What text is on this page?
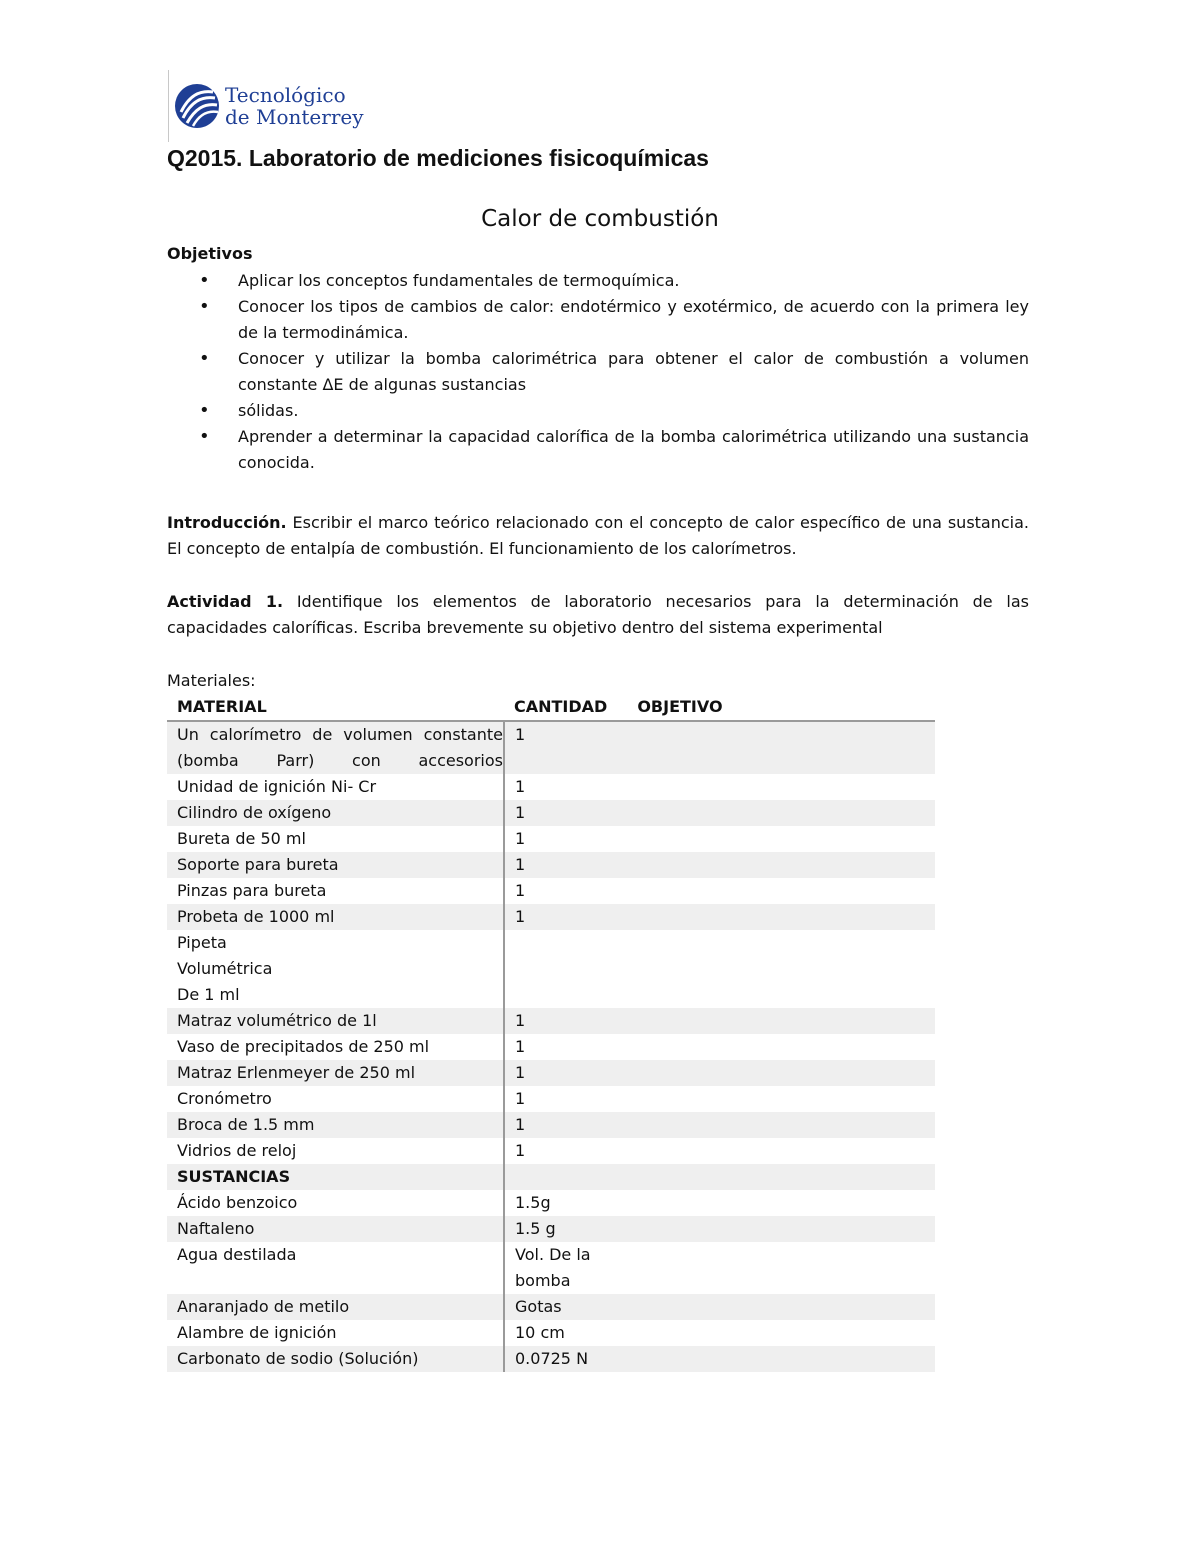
Tecnológico
de Monterrey
Q2015. Laboratorio de mediciones fisicoquímicas
Calor de combustión
Objetivos
• Aplicar los conceptos fundamentales de termoquímica.
• Conocer los tipos de cambios de calor: endotérmico y exotérmico, de acuerdo con la primera ley de la termodinámica.
• Conocer y utilizar la bomba calorimétrica para obtener el calor de combustión a volumen constante ΔE de algunas sustancias
• sólidas.
• Aprender a determinar la capacidad calorífica de la bomba calorimétrica utilizando una sustancia conocida.
Introducción. Escribir el marco teórico relacionado con el concepto de calor específico de una sustancia. El concepto de entalpía de combustión. El funcionamiento de los calorímetros.
Actividad 1. Identifique los elementos de laboratorio necesarios para la determinación de las capacidades caloríficas. Escriba brevemente su objetivo dentro del sistema experimental
Materiales:
MATERIAL	CANTIDAD OBJETIVO	
Un calorímetro de volumen constante (bomba Parr) con accesorios	1	
Unidad de ignición Ni- Cr	1	
Cilindro de oxígeno	1	
Bureta de 50 ml	1	
Soporte para bureta	1	
Pinzas para bureta	1	
Probeta de 1000 ml	1	
Pipeta
Volumétrica
De 1 ml		
Matraz volumétrico de 1l	1	
Vaso de precipitados de 250 ml	1	
Matraz Erlenmeyer de 250 ml	1	
Cronómetro	1	
Broca de 1.5 mm	1	
Vidrios de reloj	1	
SUSTANCIAS		
Ácido benzoico	1.5g	
Naftaleno	1.5 g	
Agua destilada	Vol. De la bomba	
Anaranjado de metilo	Gotas	
Alambre de ignición	10 cm	
Carbonato de sodio (Solución)	0.0725 N	
